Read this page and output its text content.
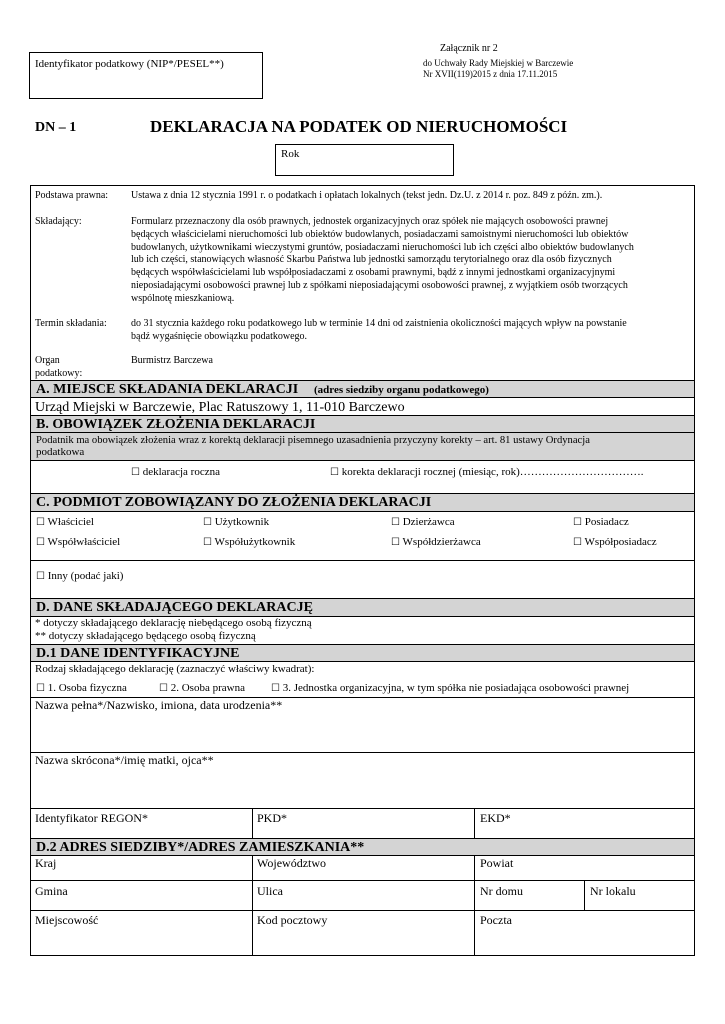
Identyfikator podatkowy (NIP*/PESEL**)
Załącznik nr 2
do Uchwały Rady Miejskiej w Barczewie
Nr XVII(119)2015 z dnia 17.11.2015
DN – 1	DEKLARACJA NA PODATEK OD NIERUCHOMOŚCI
Rok
Podstawa prawna: Ustawa z dnia 12 stycznia 1991 r. o podatkach i opłatach lokalnych (tekst jedn. Dz.U. z 2014 r. poz. 849 z późn. zm.).
Składający:	Formularz przeznaczony dla osób prawnych, jednostek organizacyjnych oraz spółek nie mających osobowości prawnej
będących właścicielami nieruchomości lub obiektów budowlanych, posiadaczami samoistnymi nieruchomości lub obiektów
budowlanych, użytkownikami wieczystymi gruntów, posiadaczami nieruchomości lub ich części albo obiektów budowlanych
lub ich części, stanowiących własność Skarbu Państwa lub jednostki samorządu terytorialnego oraz dla osób fizycznych
będących współwłaścicielami lub współposiadaczami z osobami prawnymi, bądź z innymi jednostkami organizacyjnymi
nieposiadającymi osobowości prawnej lub z spółkami nieposiadającymi osobowości prawnej, z wyjątkiem osób tworzących
wspólnotę mieszkaniową.
Termin składania: do 31 stycznia każdego roku podatkowego lub w terminie 14 dni od zaistnienia okoliczności mających wpływ na powstanie
bądź wygaśnięcie obowiązku podatkowego.
Organ
podatkowy:
Burmistrz Barczewa
A. MIEJSCE SKŁADANIA DEKLARACJI (adres siedziby organu podatkowego)
Urząd Miejski w Barczewie, Plac Ratuszowy 1, 11-010 Barczewo
B. OBOWIĄZEK ZŁOŻENIA DEKLARACJI
Podatnik ma obowiązek złożenia wraz z korektą deklaracji pisemnego uzasadnienia przyczyny korekty – art. 81 ustawy Ordynacja
podatkowa
☐ deklaracja roczna	☐ korekta deklaracji rocznej (miesiąc, rok)…………………………….
C. PODMIOT ZOBOWIĄZANY DO ZŁOŻENIA DEKLARACJI
☐ Właściciel	☐ Użytkownik	☐ Dzierżawca	☐ Posiadacz
☐ Współwłaściciel	☐ Współużytkownik	☐ Współdzierżawca	☐ Współposiadacz
☐ Inny (podać jaki)
D. DANE SKŁADAJĄCEGO DEKLARACJĘ
* dotyczy składającego deklarację niebędącego osobą fizyczną
** dotyczy składającego będącego osobą fizyczną
D.1 DANE IDENTYFIKACYJNE
Rodzaj składającego deklarację (zaznaczyć właściwy kwadrat):
☐ 1. Osoba fizyczna	☐ 2. Osoba prawna	☐ 3. Jednostka organizacyjna, w tym spółka nie posiadająca osobowości prawnej
Nazwa pełna*/Nazwisko, imiona, data urodzenia**
Nazwa skrócona*/imię matki, ojca**
Identyfikator REGON*	PKD*	EKD*
D.2 ADRES SIEDZIBY*/ADRES ZAMIESZKANIA**
Kraj	Województwo	Powiat
Gmina	Ulica	Nr domu	Nr lokalu
Miejscowość	Kod pocztowy	Poczta
